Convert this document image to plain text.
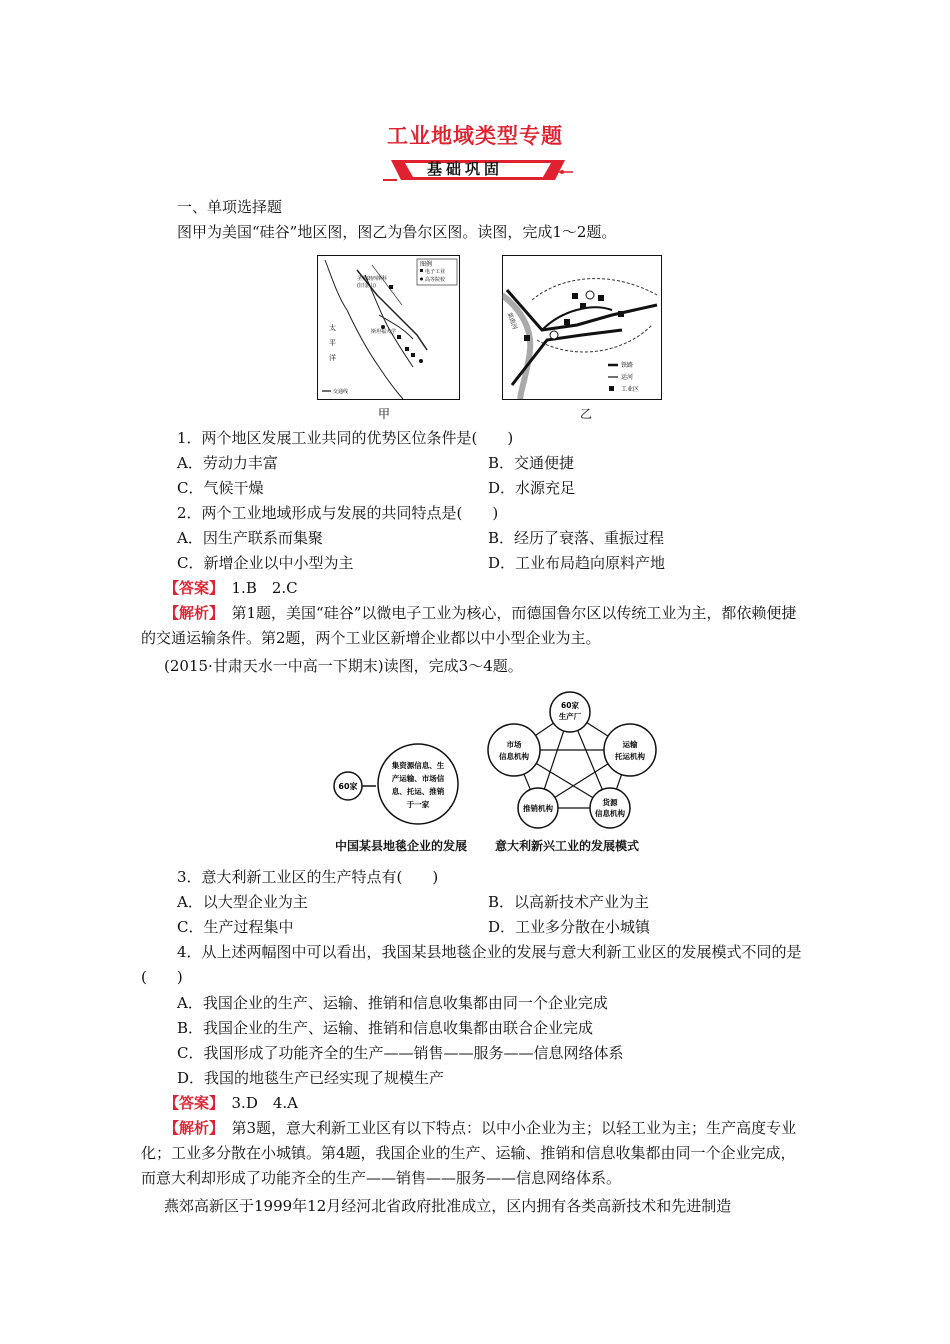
工业地域类型专题
基础巩固
一、单项选择题
图甲为美国“硅谷”地区图，图乙为鲁尔区图。读图，完成1～2题。
图例
电子工业
高等院校
圣弗朗西斯科
(旧金山)
太
平
洋
斯坦福大学
交通线
甲
莱茵河
铁路
运河
工业区
乙
1．两个地区发展工业共同的优势区位条件是(　　)
A．劳动力丰富	B．交通便捷
C．气候干燥	D．水源充足
2．两个工业地域形成与发展的共同特点是(　　)
A．因生产联系而集聚	B．经历了衰落、重振过程
C．新增企业以中小型为主	D．工业布局趋向原料产地
【答案】　1.B　2.C
【解析】　第1题，美国“硅谷”以微电子工业为核心，而德国鲁尔区以传统工业为主，都依赖便捷的交通运输条件。第2题，两个工业区新增企业都以中小型企业为主。
(2015·甘肃天水一中高一下期末)读图，完成3～4题。
60家
集资源信息、生
产运输、市场信
息、托运、推销
于一家
中国某县地毯企业的发展
60家
生产厂
市场
信息机构
运输
托运机构
推销机构
货源
信息机构
意大利新兴工业的发展模式
3．意大利新工业区的生产特点有(　　)
A．以大型企业为主	B．以高新技术产业为主
C．生产过程集中	D．工业多分散在小城镇
4．从上述两幅图中可以看出，我国某县地毯企业的发展与意大利新工业区的发展模式不同的是(　　)
A．我国企业的生产、运输、推销和信息收集都由同一个企业完成
B．我国企业的生产、运输、推销和信息收集都由联合企业完成
C．我国形成了功能齐全的生产——销售——服务——信息网络体系
D．我国的地毯生产已经实现了规模生产
【答案】　3.D　4.A
【解析】　第3题，意大利新工业区有以下特点：以中小企业为主；以轻工业为主；生产高度专业化；工业多分散在小城镇。第4题，我国企业的生产、运输、推销和信息收集都由同一个企业完成，而意大利却形成了功能齐全的生产——销售——服务——信息网络体系。
燕郊高新区于1999年12月经河北省政府批准成立，区内拥有各类高新技术和先进制造
